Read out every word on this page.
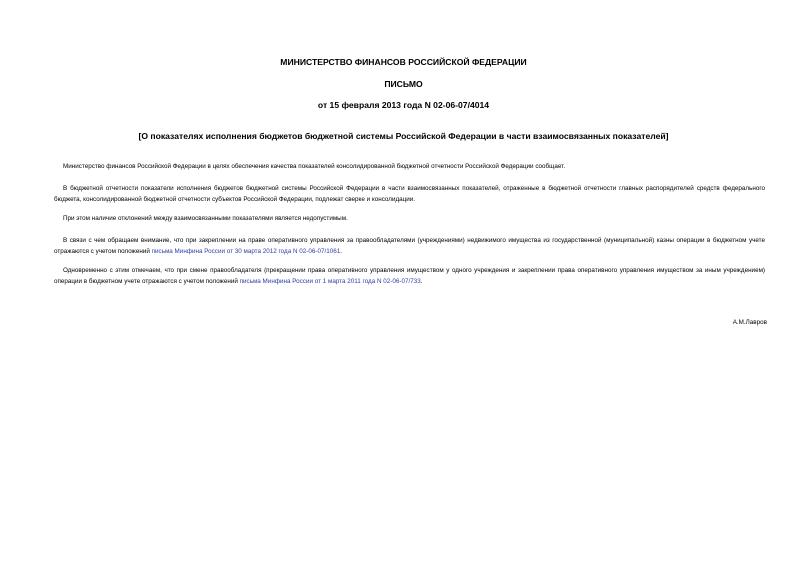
МИНИСТЕРСТВО ФИНАНСОВ РОССИЙСКОЙ ФЕДЕРАЦИИ
ПИСЬМО
от 15 февраля 2013 года N 02-06-07/4014
[О показателях исполнения бюджетов бюджетной системы Российской Федерации в части взаимосвязанных показателей]

Министерство финансов Российской Федерации в целях обеспечения качества показателей консолидированной бюджетной отчетности Российской Федерации сообщает.

В бюджетной отчетности показатели исполнения бюджетов бюджетной системы Российской Федерации в части взаимосвязанных показателей, отраженные в бюджетной отчетности главных распорядителей средств федерального бюджета, консолидированной бюджетной отчетности субъектов Российской Федерации, подлежат сверке и консолидации.

При этом наличие отклонений между взаимосвязанными показателями является недопустимым.

В связи с чем обращаем внимание, что при закреплении на праве оперативного управления за правообладателями (учреждениями) недвижимого имущества из государственной (муниципальной) казны операции в бюджетном учете отражаются с учетом положений письма Минфина России от 30 марта 2012 года N 02-06-07/1061.

Одновременно с этим отмечаем, что при смене правообладателя (прекращении права оперативного управления имуществом у одного учреждения и закреплении права оперативного управления имуществом за иным учреждением) операции в бюджетном учете отражаются с учетом положений письма Минфина России от 1 марта 2011 года N 02-06-07/733.

А.М.Лавров
